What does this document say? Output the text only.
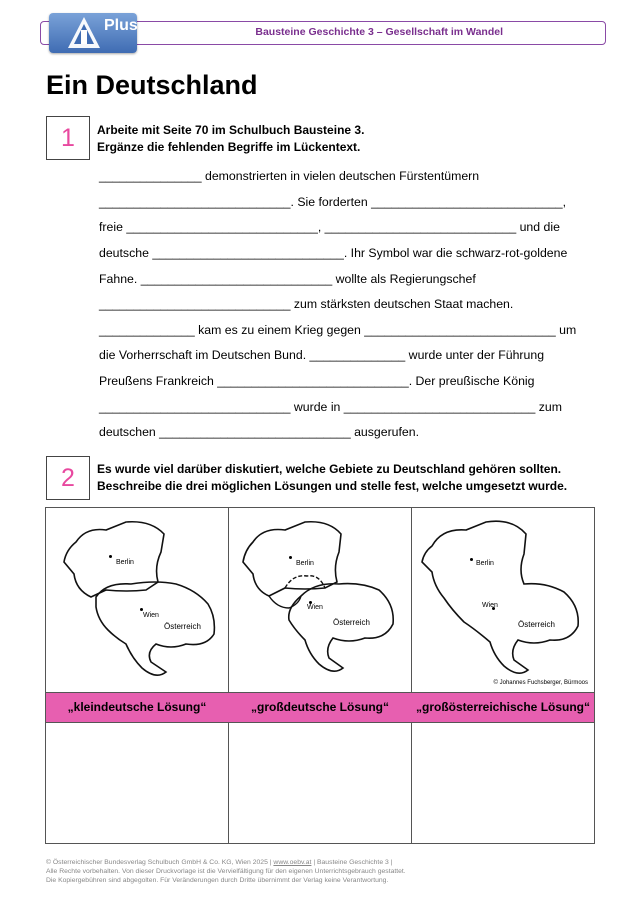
Bausteine Geschichte 3 – Gesellschaft im Wandel
Plus
Ein Deutschland
1	Arbeite mit Seite 70 im Schulbuch Bausteine 3.
Ergänze die fehlenden Begriffe im Lückentext.
_______________ demonstrierten in vielen deutschen Fürstentümern
____________________________. Sie forderten ____________________________,
freie ____________________________, ____________________________ und die
deutsche ____________________________. Ihr Symbol war die schwarz-rot-goldene
Fahne. ____________________________ wollte als Regierungschef
____________________________ zum stärksten deutschen Staat machen.
______________ kam es zu einem Krieg gegen ____________________________ um
die Vorherrschaft im Deutschen Bund. ______________ wurde unter der Führung
Preußens Frankreich ____________________________. Der preußische König
____________________________ wurde in ____________________________ zum
deutschen ____________________________ ausgerufen.
2	Es wurde viel darüber diskutiert, welche Gebiete zu Deutschland gehören sollten.
Beschreibe die drei möglichen Lösungen und stelle fest, welche umgesetzt wurde.
Berlin
Wien
Österreich
Berlin
Wien
Österreich
Berlin
Wien
Österreich
© Johannes Fuchsberger, Bürmoos
„kleindeutsche Lösung“	„großdeutsche Lösung“	„großösterreichische Lösung“
© Österreichischer Bundesverlag Schulbuch GmbH & Co. KG, Wien 2025 | www.oebv.at | Bausteine Geschichte 3 |
Alle Rechte vorbehalten. Von dieser Druckvorlage ist die Vervielfältigung für den eigenen Unterrichtsgebrauch gestattet.
Die Kopiergebühren sind abgegolten. Für Veränderungen durch Dritte übernimmt der Verlag keine Verantwortung.
